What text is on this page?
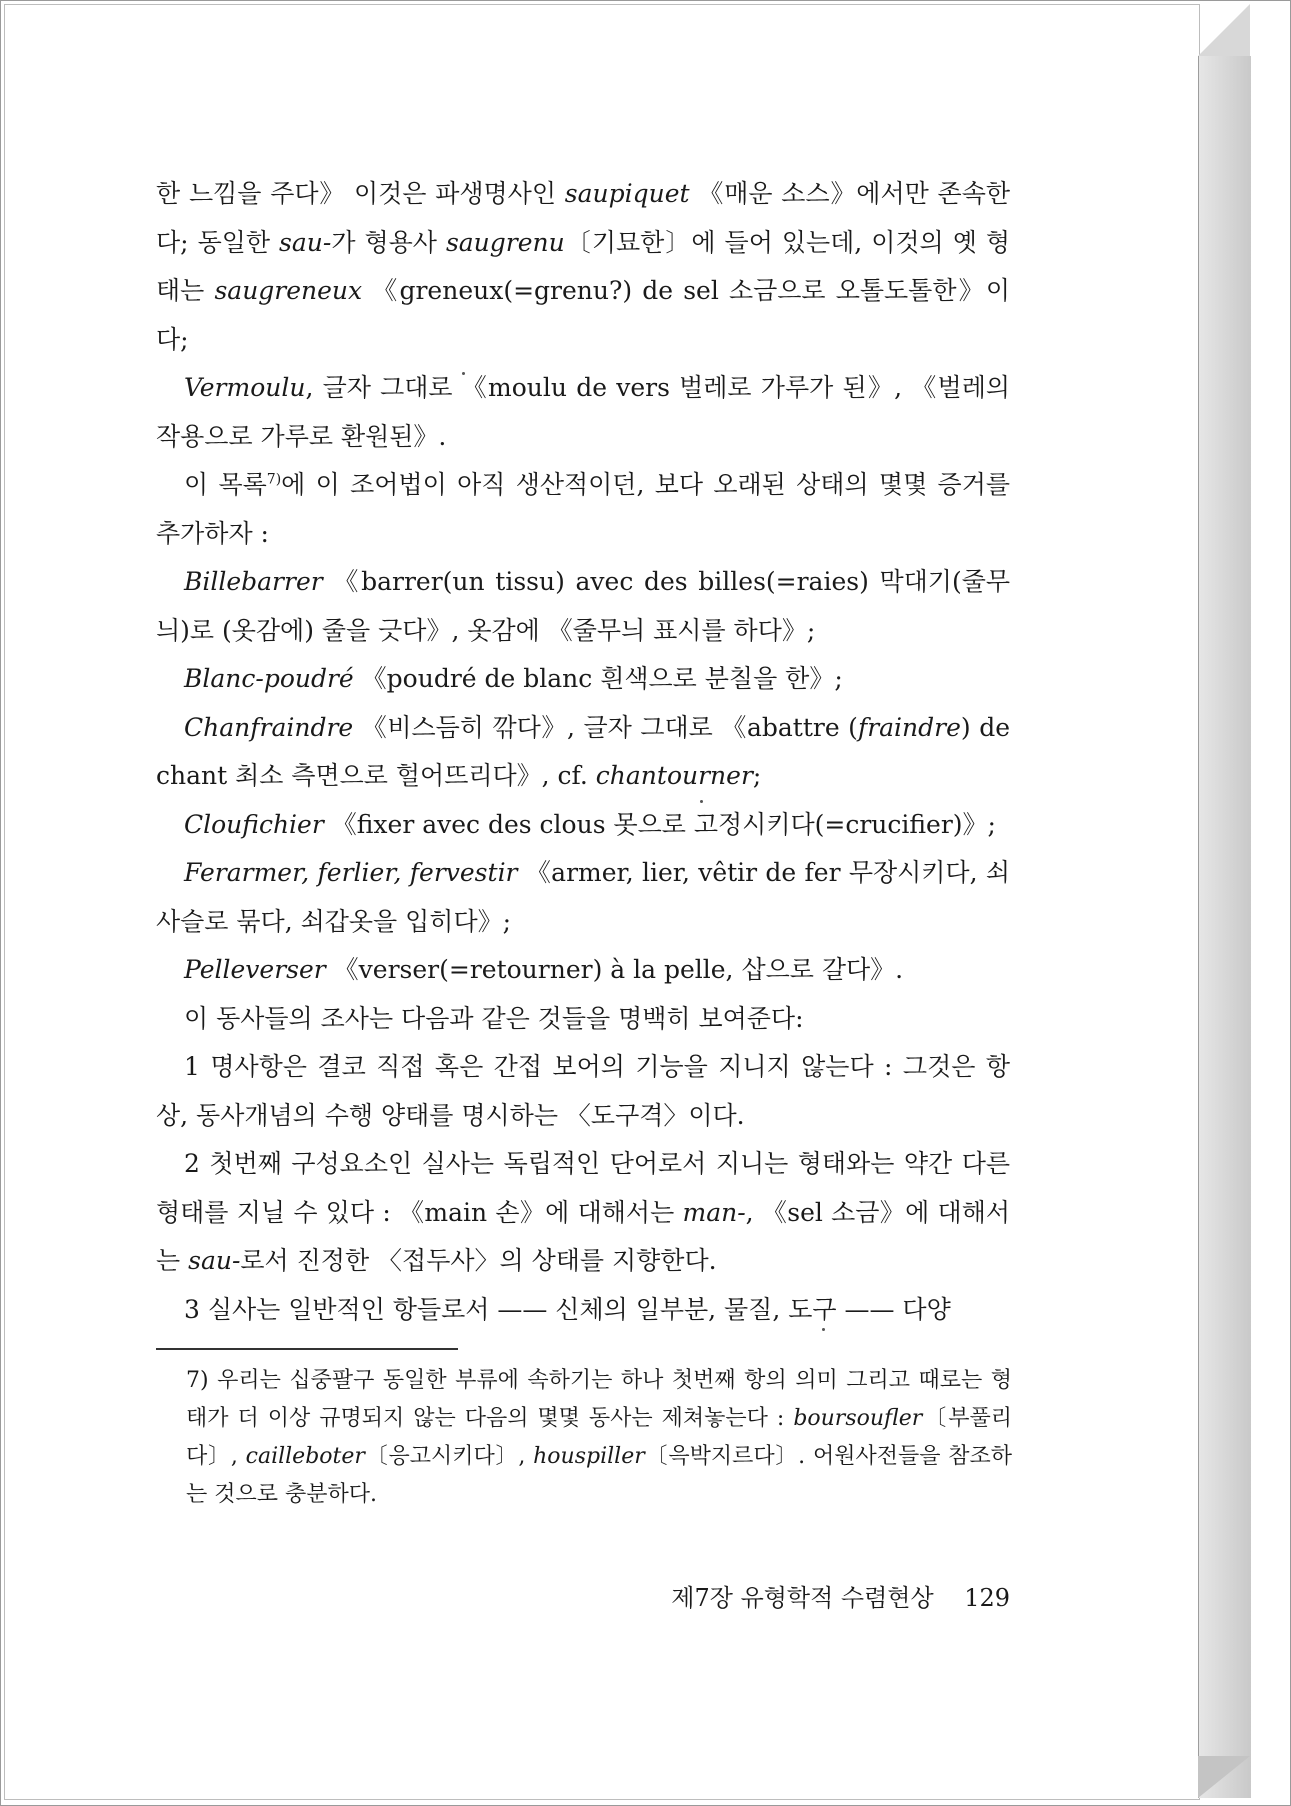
한 느낌을 주다》 이것은 파생명사인 saupiquet 《매운 소스》에서만 존속한다; 동일한 sau-가 형용사 saugrenu〔기묘한〕에 들어 있는데, 이것의 옛 형태는 saugreneux 《greneux(=grenu?) de sel 소금으로 오톨도톨한》이다;

Vermoulu, 글자 그대로 《moulu de vers 벌레로 가루가 된》, 《벌레의 작용으로 가루로 환원된》.

이 목록$^{7)}$에 이 조어법이 아직 생산적이던, 보다 오래된 상태의 몇몇 증거를 추가하자 :

Billebarrer 《barrer(un tissu) avec des billes(=raies) 막대기(줄무늬)로 (옷감에) 줄을 긋다》, 옷감에 《줄무늬 표시를 하다》;

Blanc-poudré 《poudré de blanc 흰색으로 분칠을 한》;

Chanfraindre 《비스듬히 깎다》, 글자 그대로 《abattre (fraindre) de chant 최소 측면으로 헐어뜨리다》, cf. chantourner;

Cloufichier 《fixer avec des clous 못으로 고정시키다(=crucifier)》;

Ferarmer, ferlier, fervestir 《armer, lier, vêtir de fer 무장시키다, 쇠사슬로 묶다, 쇠갑옷을 입히다》;

Pelleverser 《verser(=retourner) à la pelle, 삽으로 갈다》.

이 동사들의 조사는 다음과 같은 것들을 명백히 보여준다:

1 명사항은 결코 직접 혹은 간접 보어의 기능을 지니지 않는다 : 그것은 항상, 동사개념의 수행 양태를 명시하는 〈도구격〉이다.

2 첫번째 구성요소인 실사는 독립적인 단어로서 지니는 형태와는 약간 다른 형태를 지닐 수 있다 : 《main 손》에 대해서는 man-, 《sel 소금》에 대해서는 sau-로서 진정한 〈접두사〉의 상태를 지향한다.

3 실사는 일반적인 항들로서 —— 신체의 일부분, 물질, 도구 —— 다양

7) 우리는 십중팔구 동일한 부류에 속하기는 하나 첫번째 항의 의미 그리고 때로는 형태가 더 이상 규명되지 않는 다음의 몇몇 동사는 제쳐놓는다 : boursoufler〔부풀리다〕, cailleboter〔응고시키다〕, houspiller〔윽박지르다〕. 어원사전들을 참조하는 것으로 충분하다.
제7장 유형학적 수렴현상 129
